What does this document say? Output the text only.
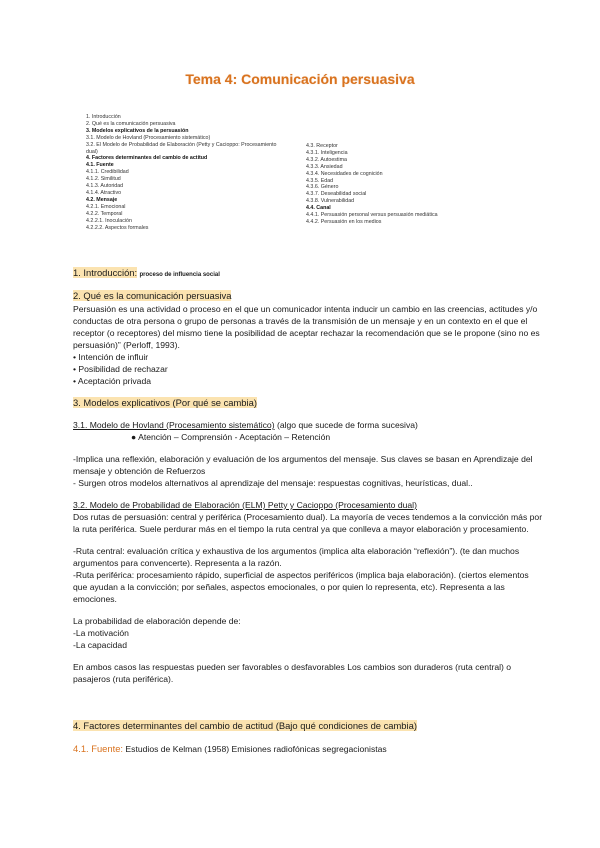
Tema 4: Comunicación persuasiva
1. Introducción
2. Qué es la comunicación persuasiva
3. Modelos explicativos de la persuasión
3.1. Modelo de Hovland (Procesamiento sistemático)
3.2. El Modelo de Probabilidad de Elaboración (Petty y Cacioppo: Procesamiento dual)
4. Factores determinantes del cambio de actitud
4.1. Fuente
4.1.1. Credibilidad
4.1.2. Similitud
4.1.3. Autoridad
4.1.4. Atractivo
4.2. Mensaje
4.2.1. Emocional
4.2.2. Temporal
4.2.2.1. Inoculación
4.2.2.2. Aspectos formales
4.3. Receptor
4.3.1. Inteligencia
4.3.2. Autoestima
4.3.3. Ansiedad
4.3.4. Necesidades de cognición
4.3.5. Edad
4.3.6. Género
4.3.7. Deseabilidad social
4.3.8. Vulnerabilidad
4.4. Canal
4.4.1. Persuasión personal versus persuasión mediática
4.4.2. Persuasión en los medios
1. Introducción: proceso de influencia social
2. Qué es la comunicación persuasiva
Persuasión es una actividad o proceso en el que un comunicador intenta inducir un cambio en las creencias, actitudes y/o conductas de otra persona o grupo de personas a través de la transmisión de un mensaje y en un contexto en el que el receptor (o receptores) del mismo tiene la posibilidad de aceptar rechazar la recomendación que se le propone (sino no es persuasión)” (Perloff, 1993).
• Intención de influir
• Posibilidad de rechazar
• Aceptación privada
3. Modelos explicativos (Por qué se cambia)
3.1. Modelo de Hovland (Procesamiento sistemático) (algo que sucede de forma sucesiva)
● Atención – Comprensión - Aceptación – Retención
-Implica una reflexión, elaboración y evaluación de los argumentos del mensaje. Sus claves se basan en Aprendizaje del mensaje y obtención de Refuerzos
- Surgen otros modelos alternativos al aprendizaje del mensaje: respuestas cognitivas, heurísticas, dual..
3.2. Modelo de Probabilidad de Elaboración (ELM) Petty y Cacioppo (Procesamiento dual)
Dos rutas de persuasión: central y periférica (Procesamiento dual). La mayoría de veces tendemos a la convicción más por la ruta periférica. Suele perdurar más en el tiempo la ruta central ya que conlleva a mayor elaboración y procesamiento.
-Ruta central: evaluación crítica y exhaustiva de los argumentos (implica alta elaboración “reflexión”). (te dan muchos argumentos para convencerte). Representa a la razón.
-Ruta periférica: procesamiento rápido, superficial de aspectos periféricos (implica baja elaboración). (ciertos elementos que ayudan a la convicción; por señales, aspectos emocionales, o por quien lo representa, etc). Representa a las emociones.
La probabilidad de elaboración depende de:
-La motivación
-La capacidad
En ambos casos las respuestas pueden ser favorables o desfavorables Los cambios son duraderos (ruta central) o pasajeros (ruta periférica).
4. Factores determinantes del cambio de actitud (Bajo qué condiciones de cambia)
4.1. Fuente: Estudios de Kelman (1958) Emisiones radiofónicas segregacionistas
